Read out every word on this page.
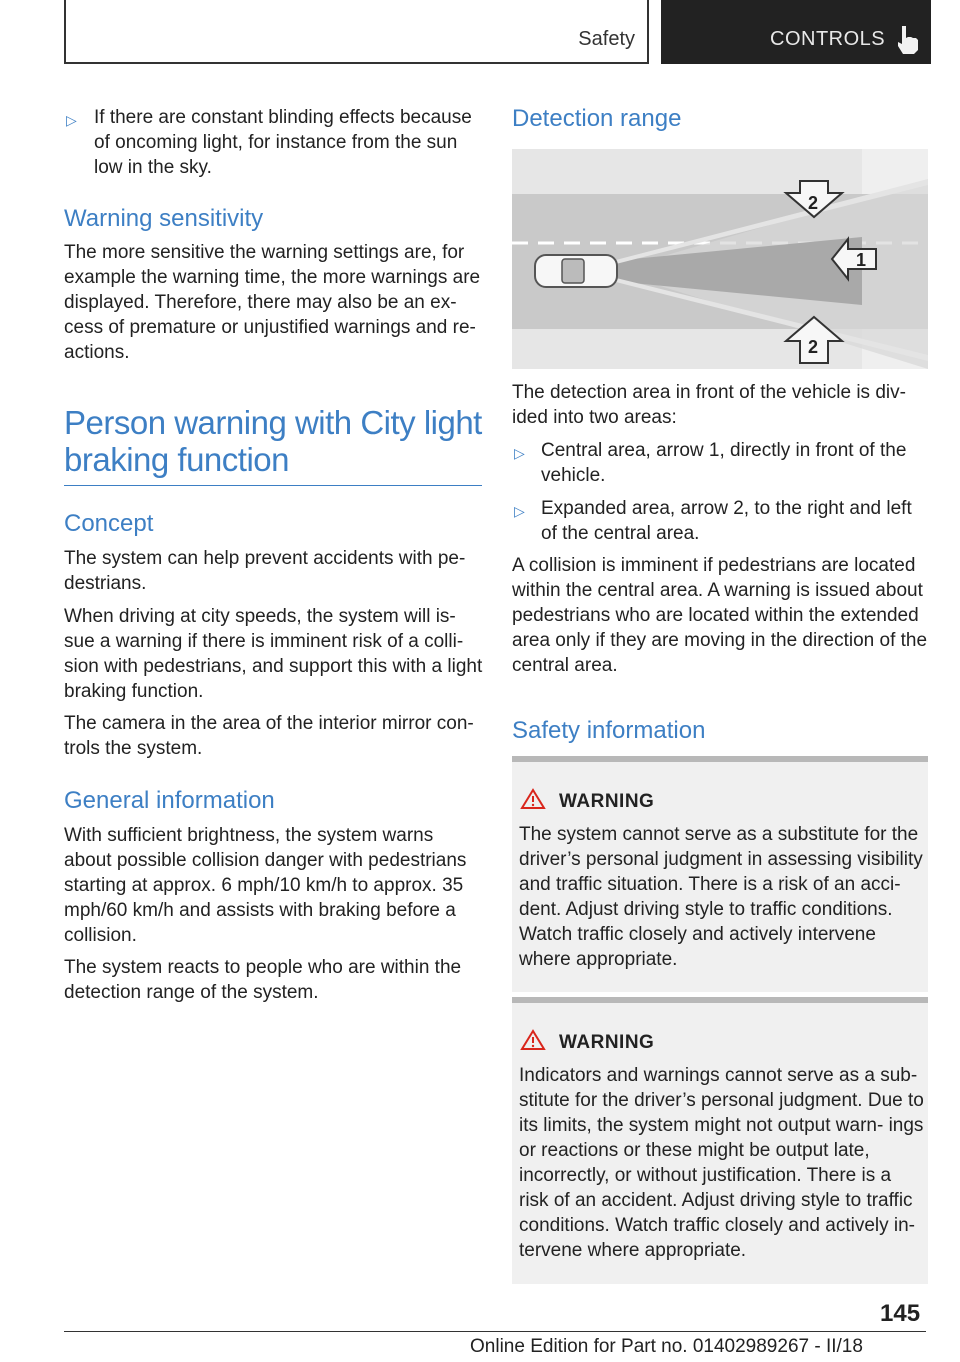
Safety	CONTROLS
▷ If there are constant blinding effects because of oncoming light, for instance from the sun low in the sky.
Warning sensitivity
The more sensitive the warning settings are, for example the warning time, the more warnings are displayed. Therefore, there may also be an ex- cess of premature or unjustified warnings and re- actions.
Person warning with City light
braking function
Concept
The system can help prevent accidents with pe- destrians.
When driving at city speeds, the system will is- sue a warning if there is imminent risk of a colli- sion with pedestrians, and support this with a light braking function.
The camera in the area of the interior mirror con- trols the system.
General information
With sufficient brightness, the system warns about possible collision danger with pedestrians starting at approx. 6 mph/10 km/h to approx. 35 mph/60 km/h and assists with braking before a collision.
The system reacts to people who are within the detection range of the system.
Detection range
1
2
2
The detection area in front of the vehicle is div- ided into two areas:
▷ Central area, arrow 1, directly in front of the vehicle.
▷ Expanded area, arrow 2, to the right and left of the central area.
A collision is imminent if pedestrians are located within the central area. A warning is issued about pedestrians who are located within the extended area only if they are moving in the direction of the central area.
Safety information
WARNING
The system cannot serve as a substitute for the driver’s personal judgment in assessing visibility and traffic situation. There is a risk of an acci- dent. Adjust driving style to traffic conditions. Watch traffic closely and actively intervene where appropriate.
WARNING
Indicators and warnings cannot serve as a sub- stitute for the driver’s personal judgment. Due to its limits, the system might not output warn- ings or reactions or these might be output late, incorrectly, or without justification. There is a risk of an accident. Adjust driving style to traffic conditions. Watch traffic closely and actively in- tervene where appropriate.
145
Online Edition for Part no. 01402989267 - II/18
